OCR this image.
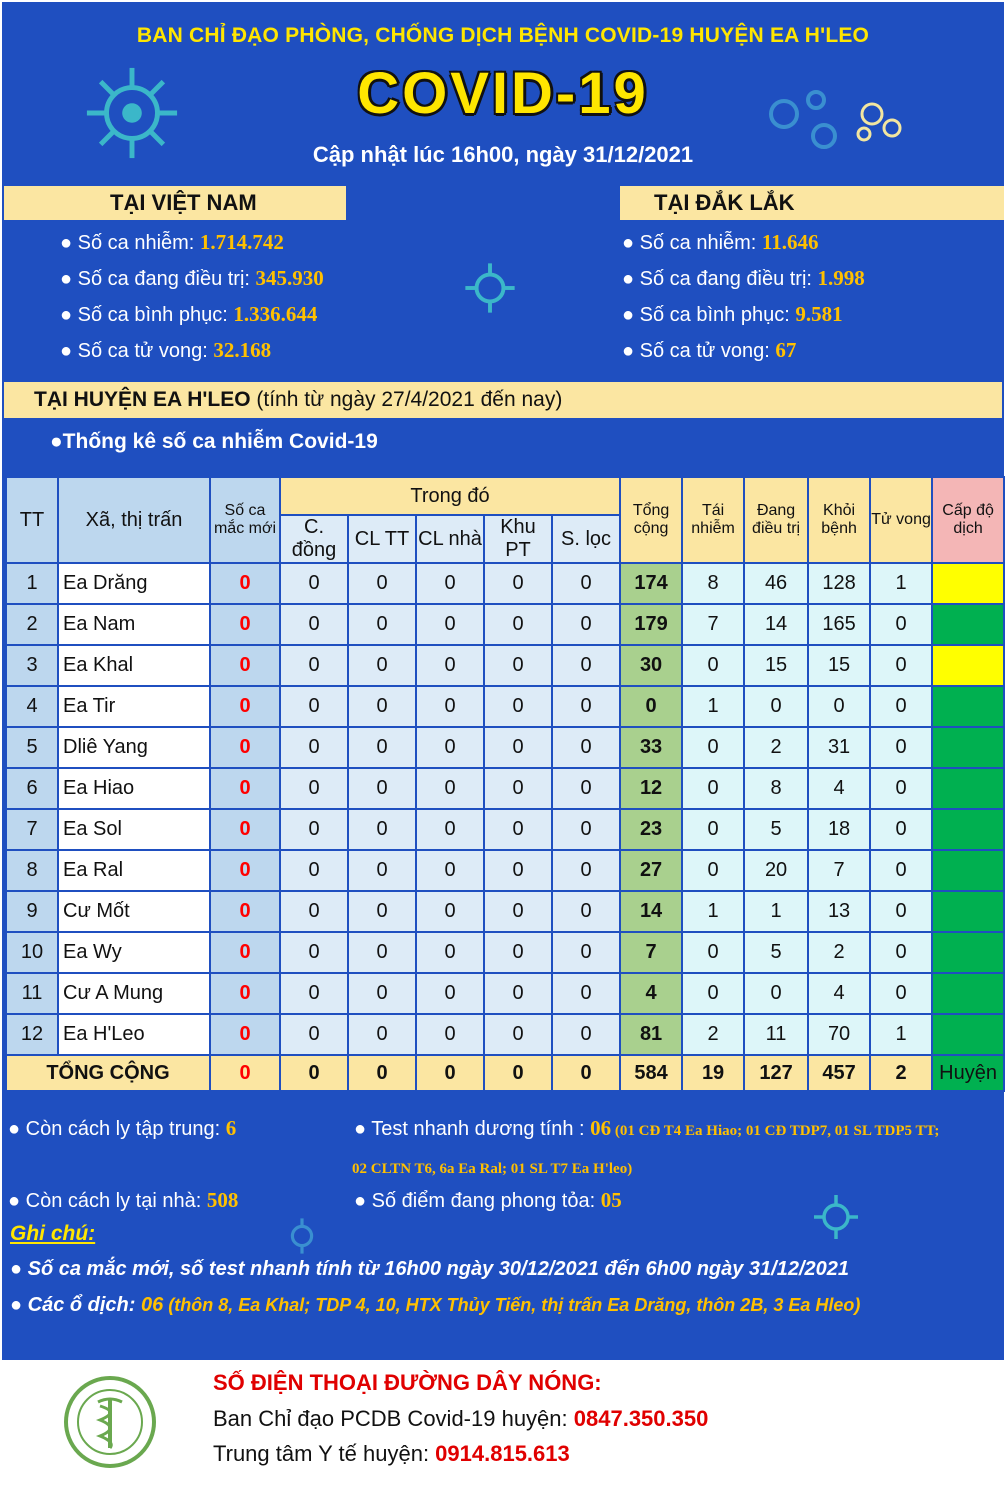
BAN CHỈ ĐẠO PHÒNG, CHỐNG DỊCH BỆNH COVID-19 HUYỆN EA H'LEO
COVID-19
Cập nhật lúc 16h00, ngày 31/12/2021
TẠI VIỆT NAM	TẠI ĐẮK LẮK
● Số ca nhiễm: 1.714.742
● Số ca đang điều trị: 345.930
● Số ca bình phục: 1.336.644
● Số ca tử vong: 32.168
● Số ca nhiễm: 11.646
● Số ca đang điều trị: 1.998
● Số ca bình phục: 9.581
● Số ca tử vong: 67
TẠI HUYỆN EA H'LEO (tính từ ngày 27/4/2021 đến nay)
●Thống kê số ca nhiễm Covid-19
TT	Xã, thị trấn	Số ca mắc mới	Trong đó					Tổng cộng	Tái nhiễm	Đang điều trị	Khỏi bệnh	Tử vong	Cấp độ dịch
			C. đồng	CL TT	CL nhà	Khu PT	S. lọc						
1	Ea Drăng	0	0	0	0	0	0	174	8	46	128	1	
2	Ea Nam	0	0	0	0	0	0	179	7	14	165	0	
3	Ea Khal	0	0	0	0	0	0	30	0	15	15	0	
4	Ea Tir	0	0	0	0	0	0	0	1	0	0	0	
5	Dliê Yang	0	0	0	0	0	0	33	0	2	31	0	
6	Ea Hiao	0	0	0	0	0	0	12	0	8	4	0	
7	Ea Sol	0	0	0	0	0	0	23	0	5	18	0	
8	Ea Ral	0	0	0	0	0	0	27	0	20	7	0	
9	Cư Mốt	0	0	0	0	0	0	14	1	1	13	0	
10	Ea Wy	0	0	0	0	0	0	7	0	5	2	0	
11	Cư A Mung	0	0	0	0	0	0	4	0	0	4	0	
12	Ea H'Leo	0	0	0	0	0	0	81	2	11	70	1	
TỔNG CỘNG		0	0	0	0	0	0	584	19	127	457	2	Huyện
● Còn cách ly tập trung: 6	● Test nhanh dương tính : 06 (01 CĐ T4 Ea Hiao; 01 CĐ TDP7, 01 SL TDP5 TT;
02 CLTN T6, 6a Ea Ral; 01 SL T7 Ea H'leo)
● Còn cách ly tại nhà: 508	● Số điểm đang phong tỏa: 05
Ghi chú:
● Số ca mắc mới, số test nhanh tính từ 16h00 ngày 30/12/2021 đến 6h00 ngày 31/12/2021
● Các ổ dịch: 06 (thôn 8, Ea Khal; TDP 4, 10, HTX Thủy Tiến, thị trấn Ea Drăng, thôn 2B, 3 Ea Hleo)
SỐ ĐIỆN THOẠI ĐƯỜNG DÂY NÓNG:
Ban Chỉ đạo PCDB Covid-19 huyện: 0847.350.350
Trung tâm Y tế huyện: 0914.815.613
